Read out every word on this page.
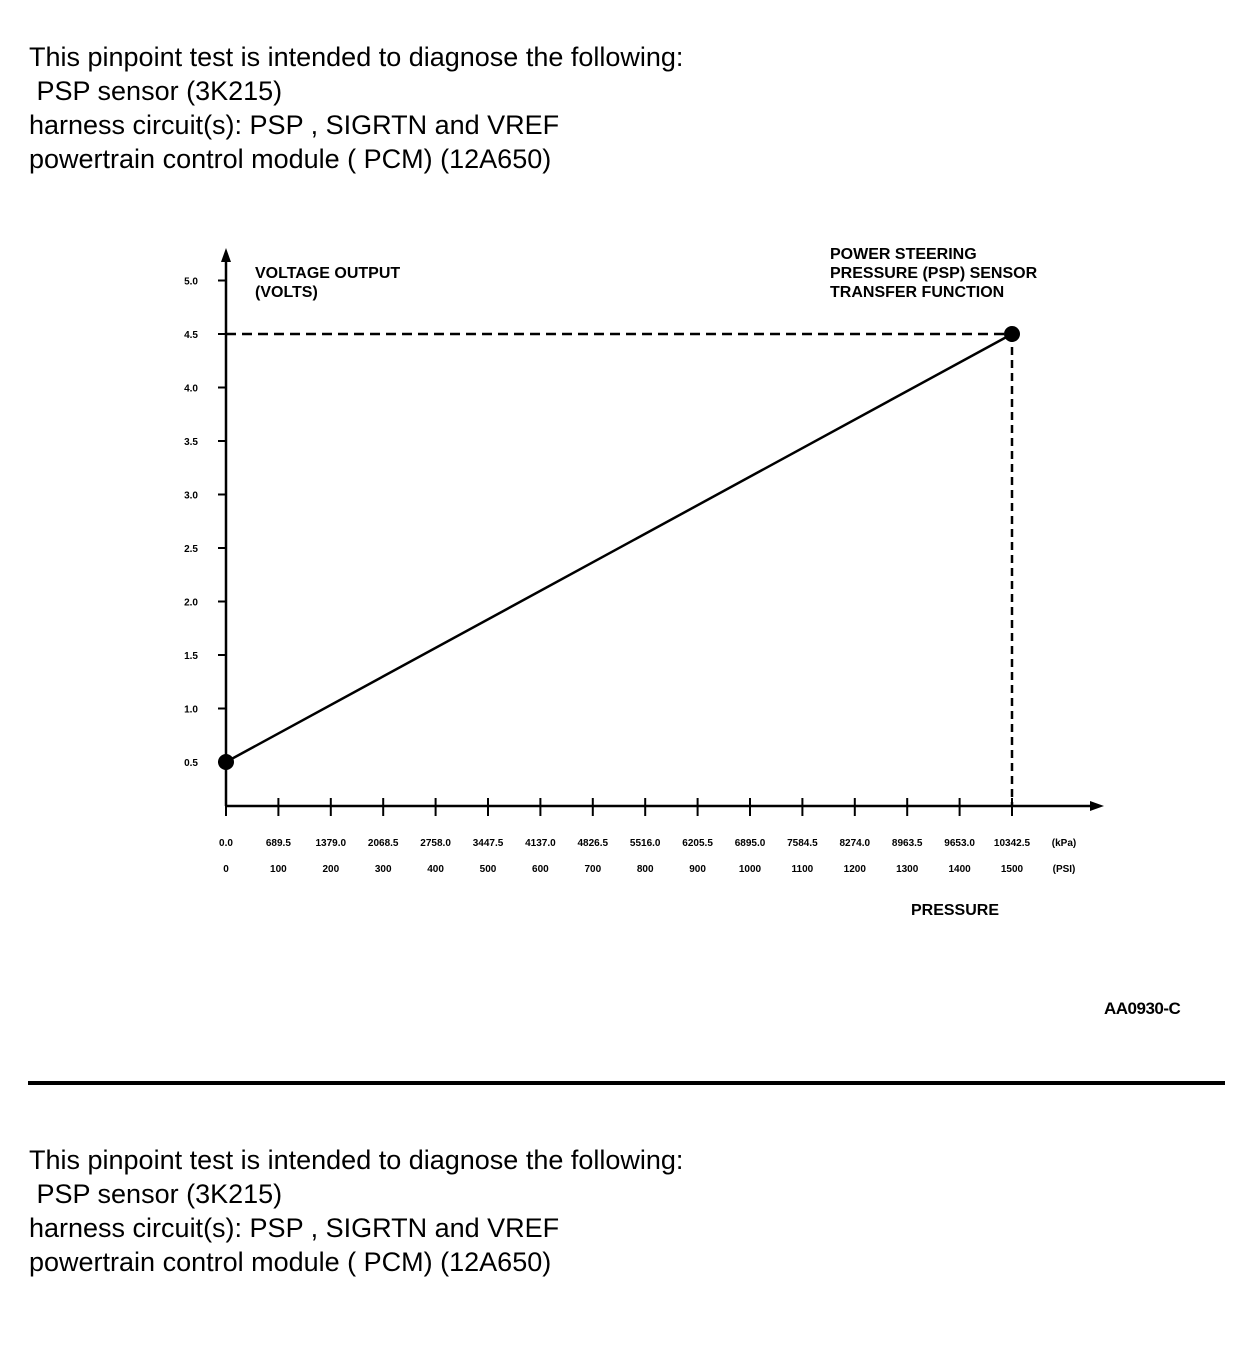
This pinpoint test is intended to diagnose the following:
PSP sensor (3K215)
harness circuit(s): PSP , SIGRTN and VREF
powertrain control module ( PCM) (12A650)
5.0
4.5
4.0
3.5
3.0
2.5
2.0
1.5
1.0
0.5
0.0
0
689.5
100
1379.0
200
2068.5
300
2758.0
400
3447.5
500
4137.0
600
4826.5
700
5516.0
800
6205.5
900
6895.0
1000
7584.5
1100
8274.0
1200
8963.5
1300
9653.0
1400
10342.5
1500
(kPa)
(PSI)
VOLTAGE OUTPUT
(VOLTS)
POWER STEERING
PRESSURE (PSP) SENSOR
TRANSFER FUNCTION
PRESSURE
AA0930-C
This pinpoint test is intended to diagnose the following:
PSP sensor (3K215)
harness circuit(s): PSP , SIGRTN and VREF
powertrain control module ( PCM) (12A650)
